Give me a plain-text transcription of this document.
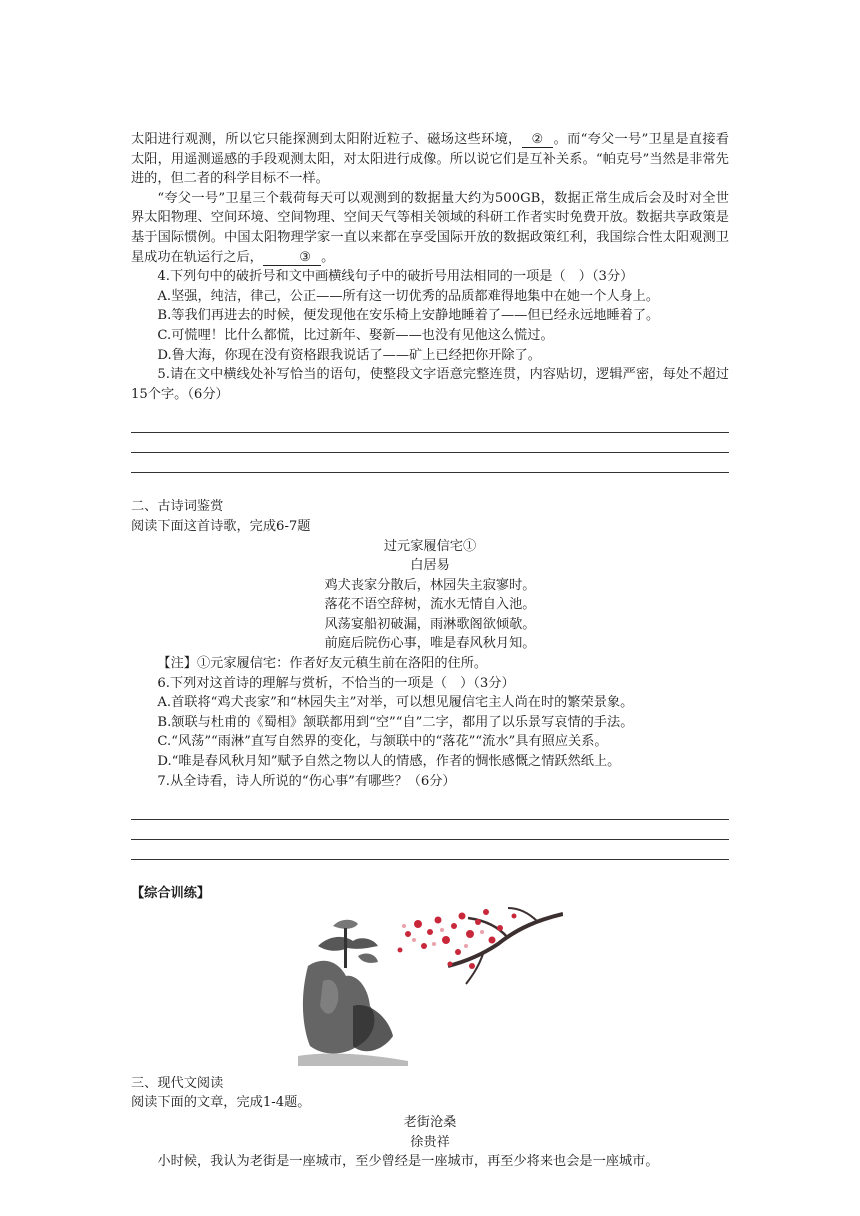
太阳进行观测，所以它只能探测到太阳附近粒子、磁场这些环境， ② 。而“夸父一号”卫星是直接看太阳，用遥测遥感的手段观测太阳，对太阳进行成像。所以说它们是互补关系。“帕克号”当然是非常先进的，但二者的科学目标不一样。

“夸父一号”卫星三个载荷每天可以观测到的数据量大约为500GB，数据正常生成后会及时对全世界太阳物理、空间环境、空间物理、空间天气等相关领域的科研工作者实时免费开放。数据共享政策是基于国际惯例。中国太阳物理学家一直以来都在享受国际开放的数据政策红利，我国综合性太阳观测卫星成功在轨运行之后，	③ 。

4.下列句中的破折号和文中画横线句子中的破折号用法相同的一项是（　）（3分）

A.坚强，纯洁，律己，公正——所有这一切优秀的品质都难得地集中在她一个人身上。

B.等我们再进去的时候，便发现他在安乐椅上安静地睡着了——但已经永远地睡着了。

C.可慌哩！比什么都慌，比过新年、娶新——也没有见他这么慌过。

D.鲁大海，你现在没有资格跟我说话了——矿上已经把你开除了。

5.请在文中横线处补写恰当的语句，使整段文字语意完整连贯，内容贴切，逻辑严密，每处不超过15个字。（6分）

二、古诗词鉴赏

阅读下面这首诗歌，完成6-7题

过元家履信宅①

白居易

鸡犬丧家分散后，林园失主寂寥时。

落花不语空辞树，流水无情自入池。

风荡宴船初破漏，雨淋歌阁欲倾欹。

前庭后院伤心事，唯是春风秋月知。

【注】①元家履信宅：作者好友元稹生前在洛阳的住所。

6.下列对这首诗的理解与赏析，不恰当的一项是（　）（3分）

A.首联将“鸡犬丧家”和“林园失主”对举，可以想见履信宅主人尚在时的繁荣景象。

B.颔联与杜甫的《蜀相》颔联都用到“空”“自”二字，都用了以乐景写哀情的手法。

C.“风荡”“雨淋”直写自然界的变化，与颔联中的“落花”“流水”具有照应关系。

D.“唯是春风秋月知”赋予自然之物以人的情感，作者的惆怅感慨之情跃然纸上。

7.从全诗看，诗人所说的“伤心事”有哪些？（6分）

【综合训练】

三、现代文阅读

阅读下面的文章，完成1-4题。

老街沧桑

徐贵祥

小时候，我认为老街是一座城市，至少曾经是一座城市，再至少将来也会是一座城市。
